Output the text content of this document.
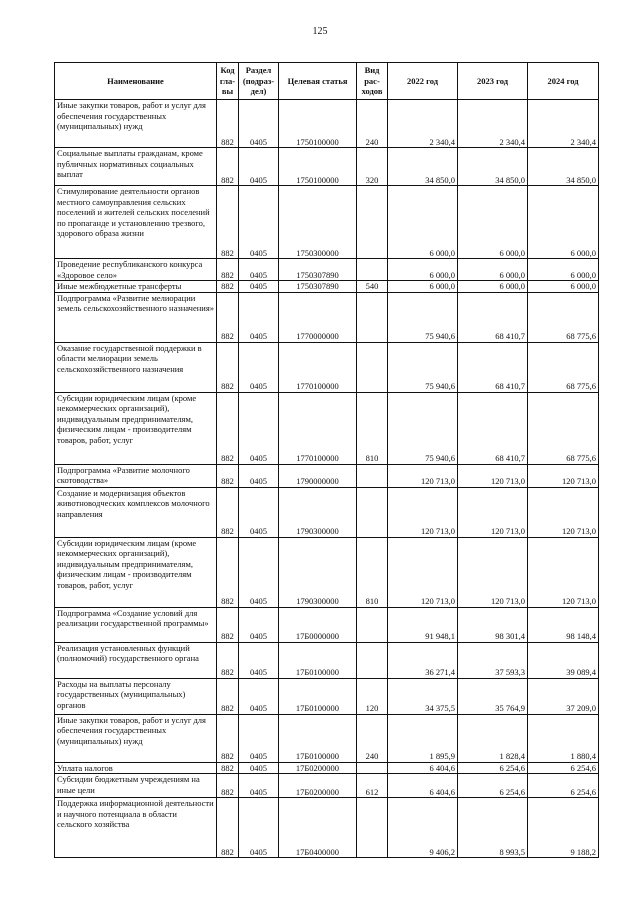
125
Наименование	Код гла- вы	Раздел (подраз- дел)	Целевая статья	Вид рас- ходов	2022 год	2023 год	2024 год
Иные закупки товаров, работ и услуг для обеспечения государственных (муниципальных) нужд	882	0405	1750100000	240	2 340,4	2 340,4	2 340,4
Социальные выплаты гражданам, кроме публичных нормативных социальных выплат	882	0405	1750100000	320	34 850,0	34 850,0	34 850,0
Стимулирование деятельности органов местного самоуправления сельских поселений и жителей сельских поселений по пропаганде и установлению трезвого, здорового образа жизни	882	0405	1750300000		6 000,0	6 000,0	6 000,0
Проведение республиканского конкурса «Здоровое село»	882	0405	1750307890		6 000,0	6 000,0	6 000,0
Иные межбюджетные трансферты	882	0405	1750307890	540	6 000,0	6 000,0	6 000,0
Подпрограмма «Развитие мелиорации земель сельскохозяйственного назначения»	882	0405	1770000000		75 940,6	68 410,7	68 775,6
Оказание государственной поддержки в области мелиорации земель сельскохозяйственного назначения	882	0405	1770100000		75 940,6	68 410,7	68 775,6
Субсидии юридическим лицам (кроме некоммерческих организаций), индивидуальным предпринимателям, физическим лицам - производителям товаров, работ, услуг	882	0405	1770100000	810	75 940,6	68 410,7	68 775,6
Подпрограмма «Развитие молочного скотоводства»	882	0405	1790000000		120 713,0	120 713,0	120 713,0
Создание и модернизация объектов животноводческих комплексов молочного направления	882	0405	1790300000		120 713,0	120 713,0	120 713,0
Субсидии юридическим лицам (кроме некоммерческих организаций), индивидуальным предпринимателям, физическим лицам - производителям товаров, работ, услуг	882	0405	1790300000	810	120 713,0	120 713,0	120 713,0
Подпрограмма «Создание условий для реализации государственной программы»	882	0405	17Б0000000		91 948,1	98 301,4	98 148,4
Реализация установленных функций (полномочий) государственного органа	882	0405	17Б0100000		36 271,4	37 593,3	39 089,4
Расходы на выплаты персоналу государственных (муниципальных) органов	882	0405	17Б0100000	120	34 375,5	35 764,9	37 209,0
Иные закупки товаров, работ и услуг для обеспечения государственных (муниципальных) нужд	882	0405	17Б0100000	240	1 895,9	1 828,4	1 880,4
Уплата налогов	882	0405	17Б0200000		6 404,6	6 254,6	6 254,6
Субсидии бюджетным учреждениям на иные цели	882	0405	17Б0200000	612	6 404,6	6 254,6	6 254,6
Поддержка информационной деятельности и научного потенциала в области сельского хозяйства	882	0405	17Б0400000		9 406,2	8 993,5	9 188,2
